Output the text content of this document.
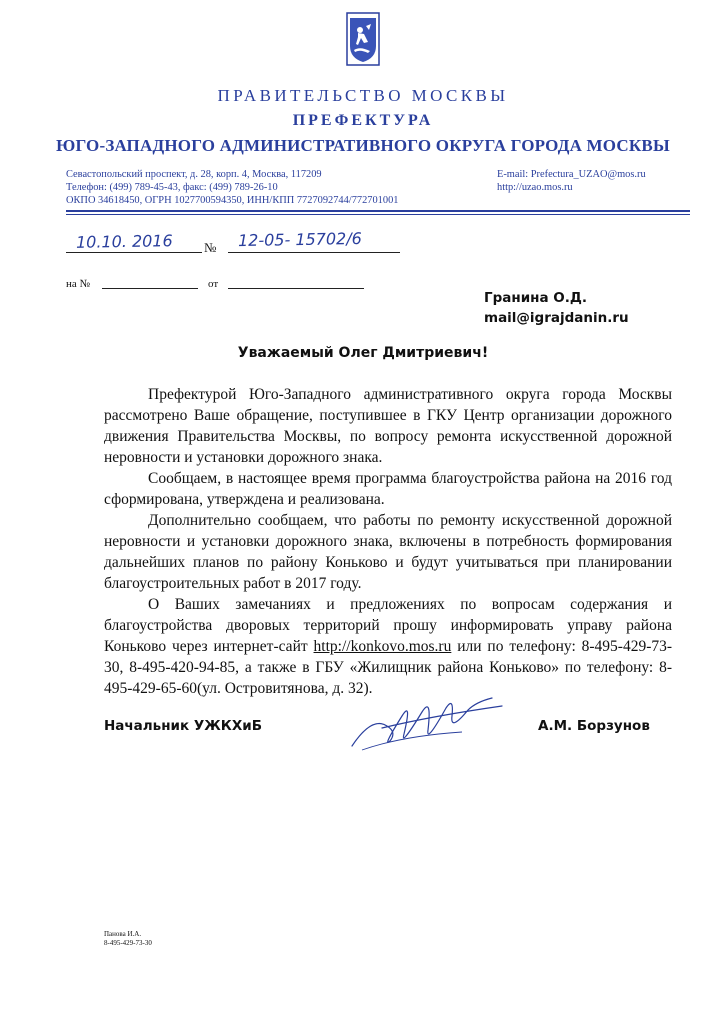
ПРАВИТЕЛЬСТВО МОСКВЫ
ПРЕФЕКТУРА
ЮГО-ЗАПАДНОГО АДМИНИСТРАТИВНОГО ОКРУГА ГОРОДА МОСКВЫ
Севастопольский проспект, д. 28, корп. 4, Москва, 117209
Телефон: (499) 789-45-43, факс: (499) 789-26-10
ОКПО 34618450, ОГРН 1027700594350, ИНН/КПП 7727092744/772701001
E-mail: Prefectura_UZAO@mos.ru
http://uzao.mos.ru
10.10. 2016 № 12-05- 15702/6
на №	от
Гранина О.Д.
mail@igrajdanin.ru
Уважаемый Олег Дмитриевич!

Префектурой Юго-Западного административного округа города Москвы рассмотрено Ваше обращение, поступившее в ГКУ Центр организации дорожного движения Правительства Москвы, по вопросу ремонта искусственной дорожной неровности и установки дорожного знака.

Сообщаем, в настоящее время программа благоустройства района на 2016 год сформирована, утверждена и реализована.

Дополнительно сообщаем, что работы по ремонту искусственной дорожной неровности и установки дорожного знака, включены в потребность формирования дальнейших планов по району Коньково и будут учитываться при планировании благоустроительных работ в 2017 году.

О Ваших замечаниях и предложениях по вопросам содержания и благоустройства дворовых территорий прошу информировать управу района Коньково через интернет-сайт http://konkovo.mos.ru или по телефону: 8-495-429-73-30, 8-495-420-94-85, а также в ГБУ «Жилищник района Коньково» по телефону: 8-495-429-65-60(ул. Островитянова, д. 32).

Начальник УЖКХиБ	А.М. Борзунов
Панова И.А.
8-495-429-73-30
